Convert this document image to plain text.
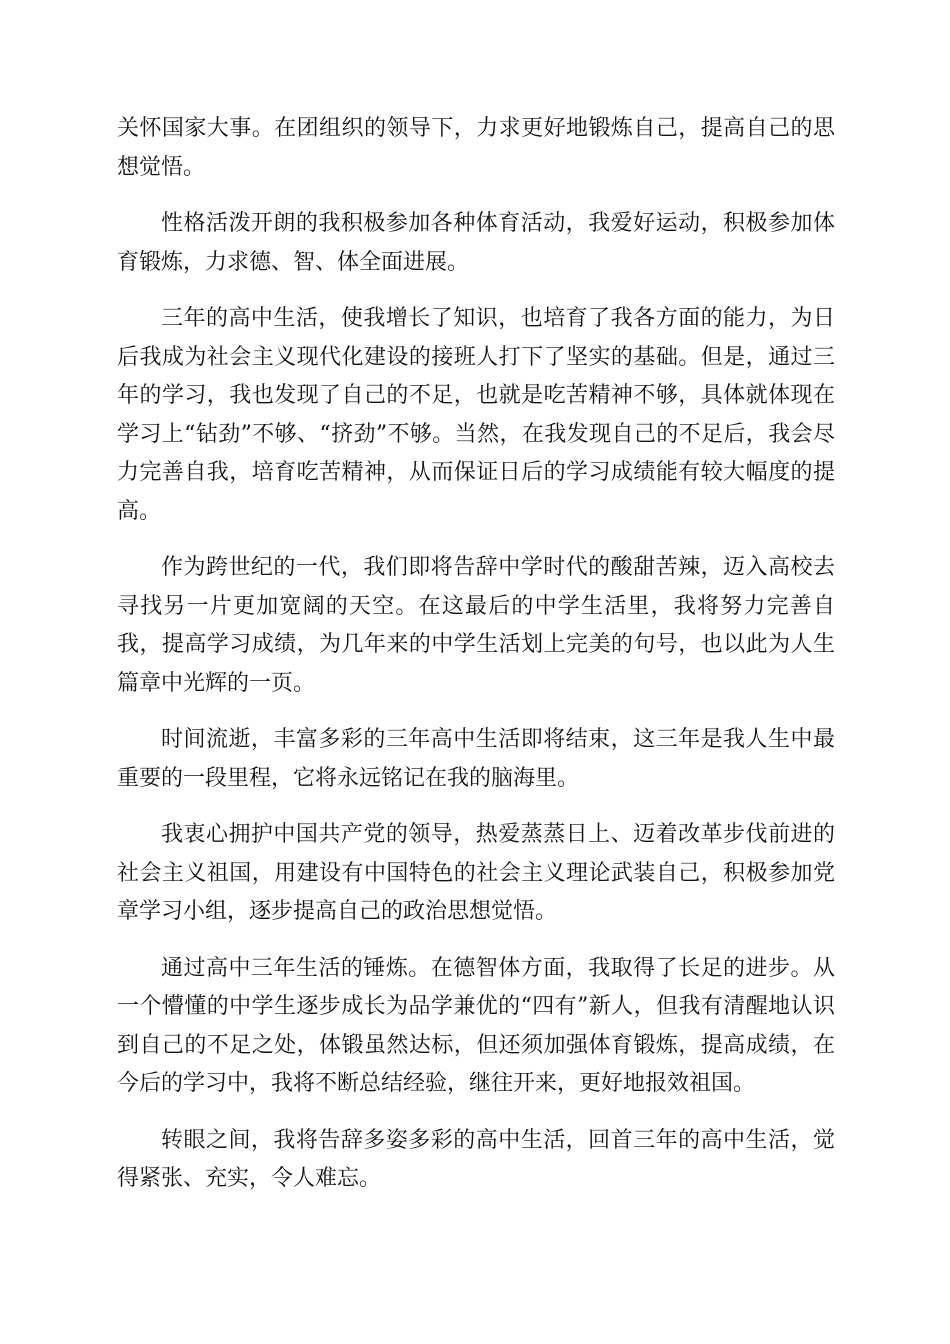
关怀国家大事。在团组织的领导下，力求更好地锻炼自己，提高自己的思想觉悟。

性格活泼开朗的我积极参加各种体育活动，我爱好运动，积极参加体育锻炼，力求德、智、体全面进展。

三年的高中生活，使我增长了知识，也培育了我各方面的能力，为日后我成为社会主义现代化建设的接班人打下了坚实的基础。但是，通过三年的学习，我也发现了自己的不足，也就是吃苦精神不够，具体就体现在学习上“钻劲”不够、“挤劲”不够。当然，在我发现自己的不足后，我会尽力完善自我，培育吃苦精神，从而保证日后的学习成绩能有较大幅度的提高。

作为跨世纪的一代，我们即将告辞中学时代的酸甜苦辣，迈入高校去寻找另一片更加宽阔的天空。在这最后的中学生活里，我将努力完善自我，提高学习成绩，为几年来的中学生活划上完美的句号，也以此为人生篇章中光辉的一页。

时间流逝，丰富多彩的三年高中生活即将结束，这三年是我人生中最重要的一段里程，它将永远铭记在我的脑海里。

我衷心拥护中国共产党的领导，热爱蒸蒸日上、迈着改革步伐前进的社会主义祖国，用建设有中国特色的社会主义理论武装自己，积极参加党章学习小组，逐步提高自己的政治思想觉悟。

通过高中三年生活的锤炼。在德智体方面，我取得了长足的进步。从一个懵懂的中学生逐步成长为品学兼优的“四有”新人，但我有清醒地认识到自己的不足之处，体锻虽然达标，但还须加强体育锻炼，提高成绩，在今后的学习中，我将不断总结经验，继往开来，更好地报效祖国。

转眼之间，我将告辞多姿多彩的高中生活，回首三年的高中生活，觉得紧张、充实，令人难忘。
